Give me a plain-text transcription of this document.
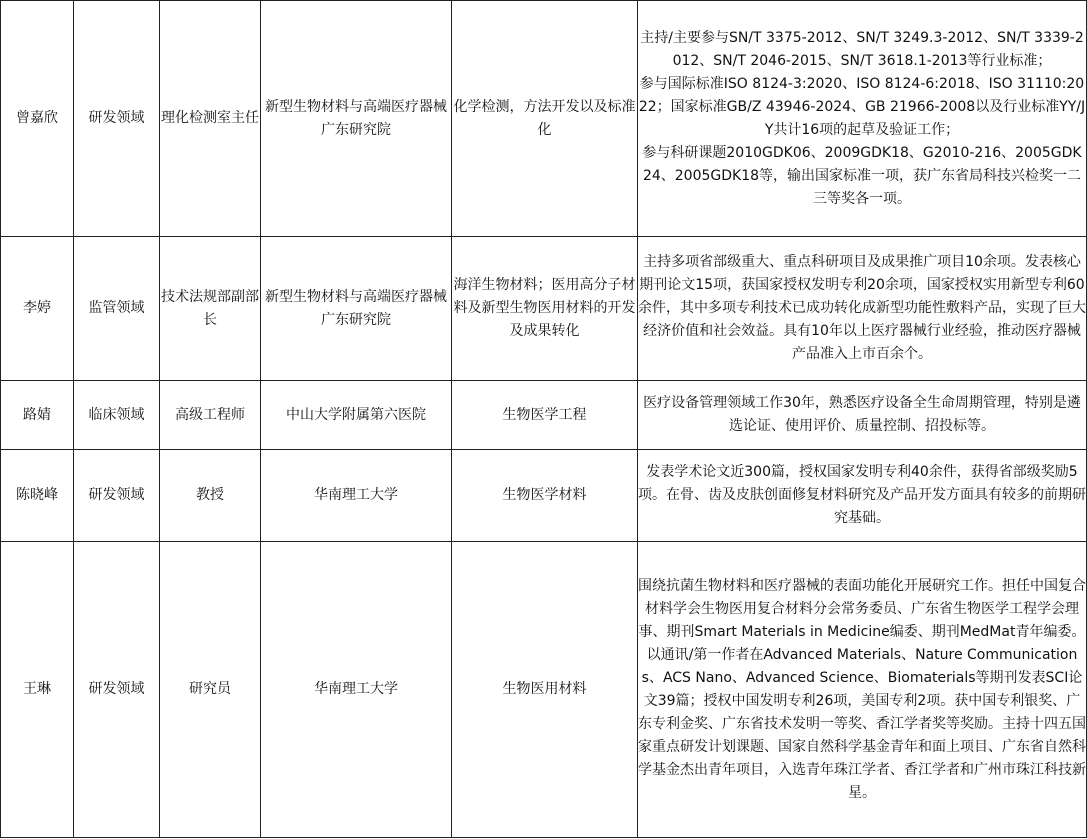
曾嘉欣	研发领域	理化检测室主任	新型生物材料与高端医疗器械广东研究院	化学检测，方法开发以及标准化	主持/主要参与SN/T 3375-2012、SN/T 3249.3-2012、SN/T 3339-2012、SN/T 2046-2015、SN/T 3618.1-2013等行业标准；

参与国际标准ISO 8124-3:2020、ISO 8124-6:2018、ISO 31110:2022；国家标准GB/Z 43946-2024、GB 21966-2008以及行业标准YY/JY共计16项的起草及验证工作；

参与科研课题2010GDK06、2009GDK18、G2010-216、2005GDK24、2005GDK18等，输出国家标准一项，获广东省局科技兴检奖一二三等奖各一项。

李婷	监管领域	技术法规部副部长	新型生物材料与高端医疗器械广东研究院	海洋生物材料；医用高分子材料及新型生物医用材料的开发及成果转化	主持多项省部级重大、重点科研项目及成果推广项目10余项。发表核心期刊论文15项，获国家授权发明专利20余项，国家授权实用新型专利60余件，其中多项专利技术已成功转化成新型功能性敷料产品，实现了巨大经济价值和社会效益。具有10年以上医疗器械行业经验，推动医疗器械产品准入上市百余个。

路婧	临床领域	高级工程师	中山大学附属第六医院	生物医学工程	医疗设备管理领域工作30年，熟悉医疗设备全生命周期管理，特别是遴选论证、使用评价、质量控制、招投标等。

陈晓峰	研发领域	教授	华南理工大学	生物医学材料	发表学术论文近300篇，授权国家发明专利40余件，获得省部级奖励5项。在骨、齿及皮肤创面修复材料研究及产品开发方面具有较多的前期研究基础。

王琳	研发领域	研究员	华南理工大学	生物医用材料	围绕抗菌生物材料和医疗器械的表面功能化开展研究工作。担任中国复合材料学会生物医用复合材料分会常务委员、广东省生物医学工程学会理事、期刊Smart Materials in Medicine编委、期刊MedMat青年编委。以通讯/第一作者在Advanced Materials、Nature Communications、ACS Nano、Advanced Science、Biomaterials等期刊发表SCI论文39篇；授权中国发明专利26项，美国专利2项。获中国专利银奖、广东专利金奖、广东省技术发明一等奖、香江学者奖等奖励。主持十四五国家重点研发计划课题、国家自然科学基金青年和面上项目、广东省自然科学基金杰出青年项目，入选青年珠江学者、香江学者和广州市珠江科技新星。
